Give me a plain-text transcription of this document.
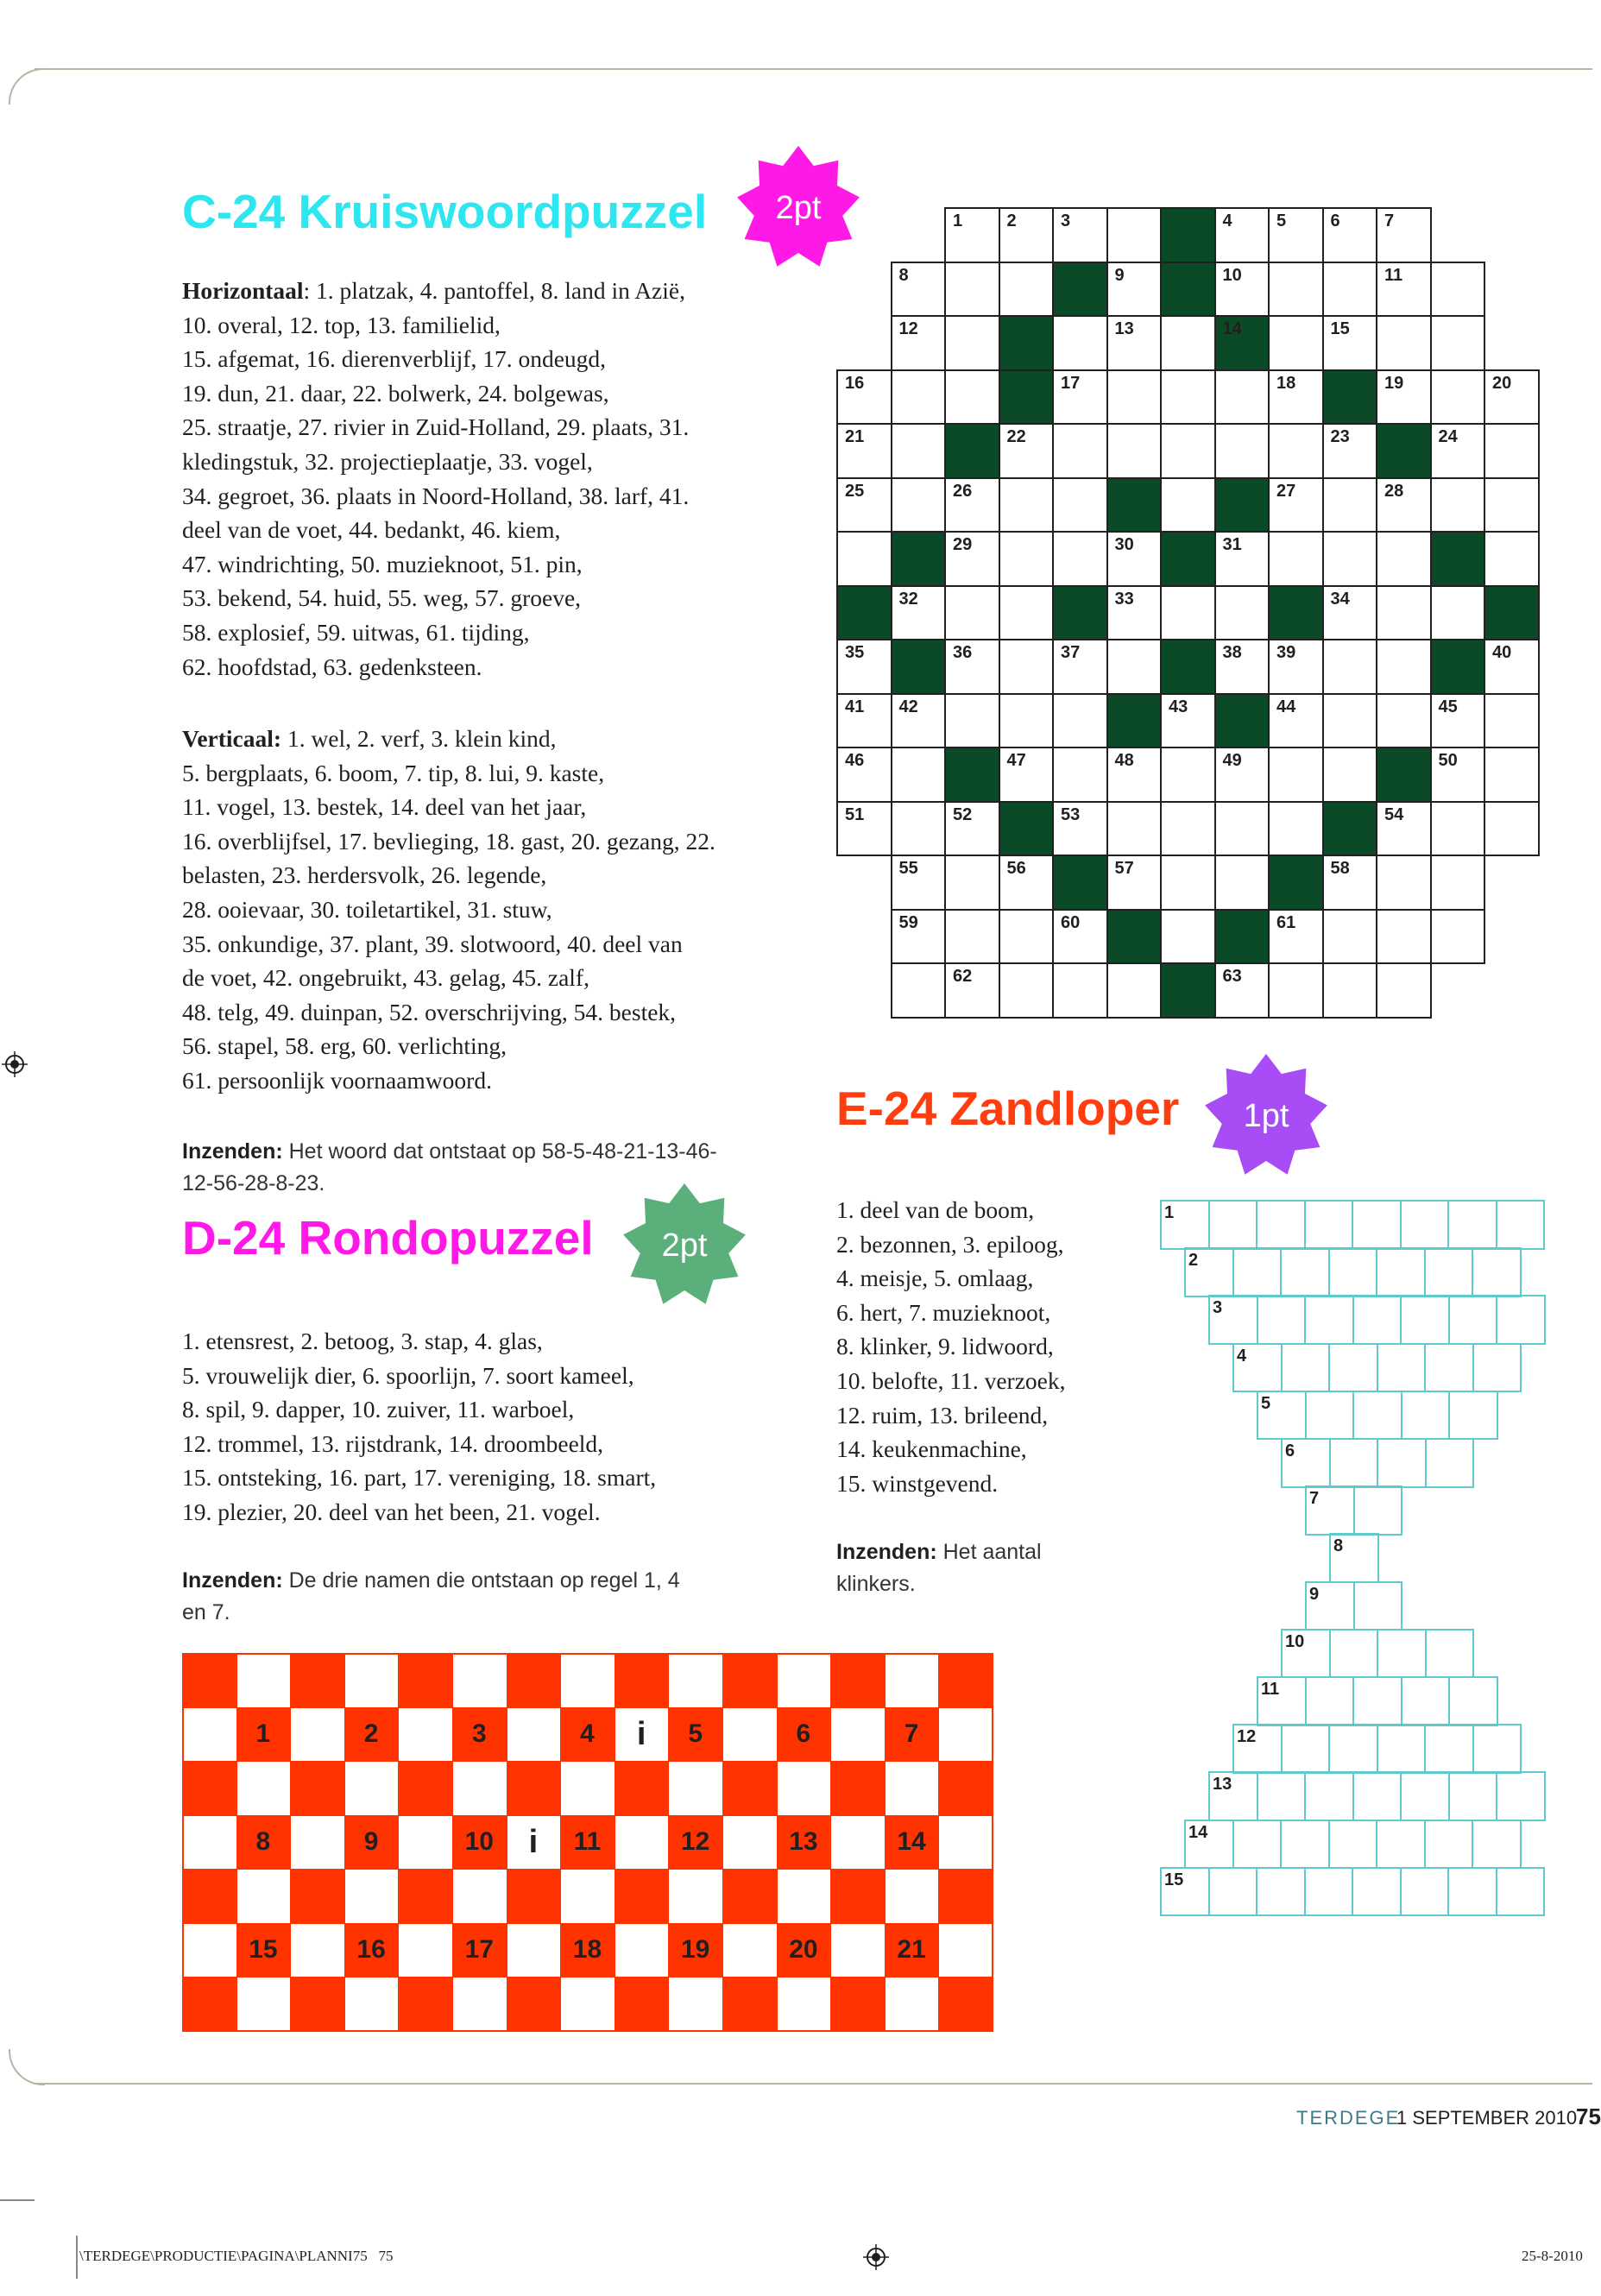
C-24 Kruiswoordpuzzel	2pt
Horizontaal: 1. platzak, 4. pantoffel, 8. land in Azië,
10. overal, 12. top, 13. familielid,
15. afgemat, 16. dierenverblijf, 17. ondeugd,
19. dun, 21. daar, 22. bolwerk, 24. bolgewas,
25. straatje, 27. rivier in Zuid-Holland, 29. plaats, 31.
kledingstuk, 32. projectieplaatje, 33. vogel,
34. gegroet, 36. plaats in Noord-Holland, 38. larf, 41.
deel van de voet, 44. bedankt, 46. kiem,
47. windrichting, 50. muzieknoot, 51. pin,
53. bekend, 54. huid, 55. weg, 57. groeve,
58. explosief, 59. uitwas, 61. tijding,
62. hoofdstad, 63. gedenksteen.
Verticaal: 1. wel, 2. verf, 3. klein kind,
5. bergplaats, 6. boom, 7. tip, 8. lui, 9. kaste,
11. vogel, 13. bestek, 14. deel van het jaar,
16. overblijfsel, 17. bevlieging, 18. gast, 20. gezang, 22.
belasten, 23. herdersvolk, 26. legende,
28. ooievaar, 30. toiletartikel, 31. stuw,
35. onkundige, 37. plant, 39. slotwoord, 40. deel van
de voet, 42. ongebruikt, 43. gelag, 45. zalf,
48. telg, 49. duinpan, 52. overschrijving, 54. bestek,
56. stapel, 58. erg, 60. verlichting,
61. persoonlijk voornaamwoord.
Inzenden: Het woord dat ontstaat op 58-5-48-21-13-46-
12-56-28-8-23.
1	2	3	4	5	6	7
8	9	10	11
12	13	14	15
16	17	18	19	20
21	22	23	24
25	26	27	28
29	30	31
32	33	34
35	36	37	38 39	40
41 42	43	44	45
46	47	48	49	50
51	52	53	54
55	56	57	58
59	60	61
62	63
D-24 Rondopuzzel	2pt
1. etensrest, 2. betoog, 3. stap, 4. glas,
5. vrouwelijk dier, 6. spoorlijn, 7. soort kameel,
8. spil, 9. dapper, 10. zuiver, 11. warboel,
12. trommel, 13. rijstdrank, 14. droombeeld,
15. ontsteking, 16. part, 17. vereniging, 18. smart,
19. plezier, 20. deel van het been, 21. vogel.
Inzenden: De drie namen die ontstaan op regel 1, 4
en 7.
1	2	3	4	5	6	7
8	9	10	11	12	13	14
15	16	17	18	19	20	21
i
i
E-24 Zandloper	1pt
1. deel van de boom,
2. bezonnen, 3. epiloog,
4. meisje, 5. omlaag,
6. hert, 7. muzieknoot,
8. klinker, 9. lidwoord,
10. belofte, 11. verzoek,
12. ruim, 13. brileend,
14. keukenmachine,
15. winstgevend.
Inzenden: Het aantal
klinkers.
1
2
3
4
5
6
7
8
9
10
11
12
13
14
15
TERDEGE
1 SEPTEMBER 2010
75
\TERDEGE\PRODUCTIE\PAGINA\PLANNI75   75	25-8-2010
